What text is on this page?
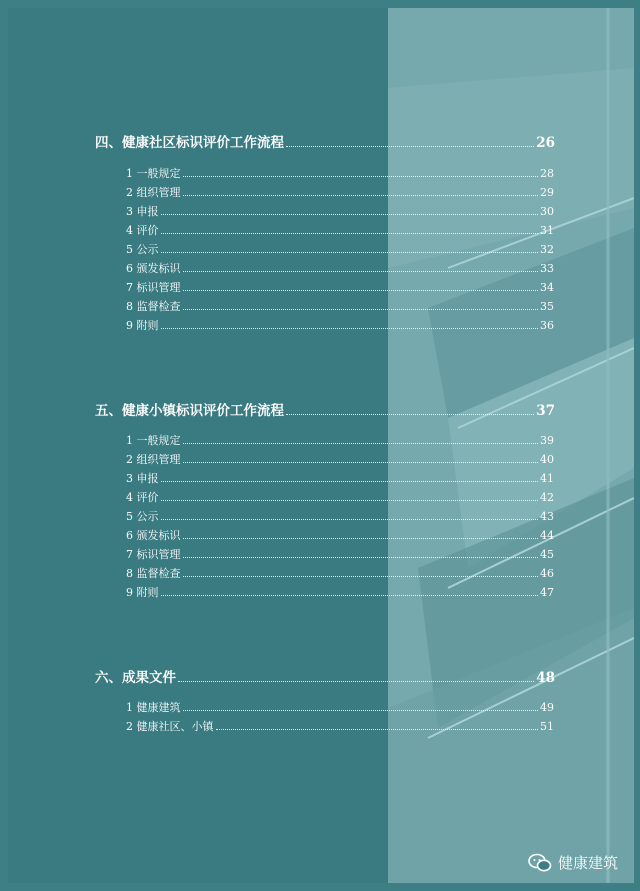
四、健康社区标识评价工作流程	26
1 一般规定	28
2 组织管理	29
3 申报	30
4 评价	31
5 公示	32
6 颁发标识	33
7 标识管理	34
8 监督检查	35
9 附则	36
五、健康小镇标识评价工作流程	37
1 一般规定	39
2 组织管理	40
3 申报	41
4 评价	42
5 公示	43
6 颁发标识	44
7 标识管理	45
8 监督检查	46
9 附则	47
六、成果文件	48
1 健康建筑	49
2 健康社区、小镇	51
健康建筑
